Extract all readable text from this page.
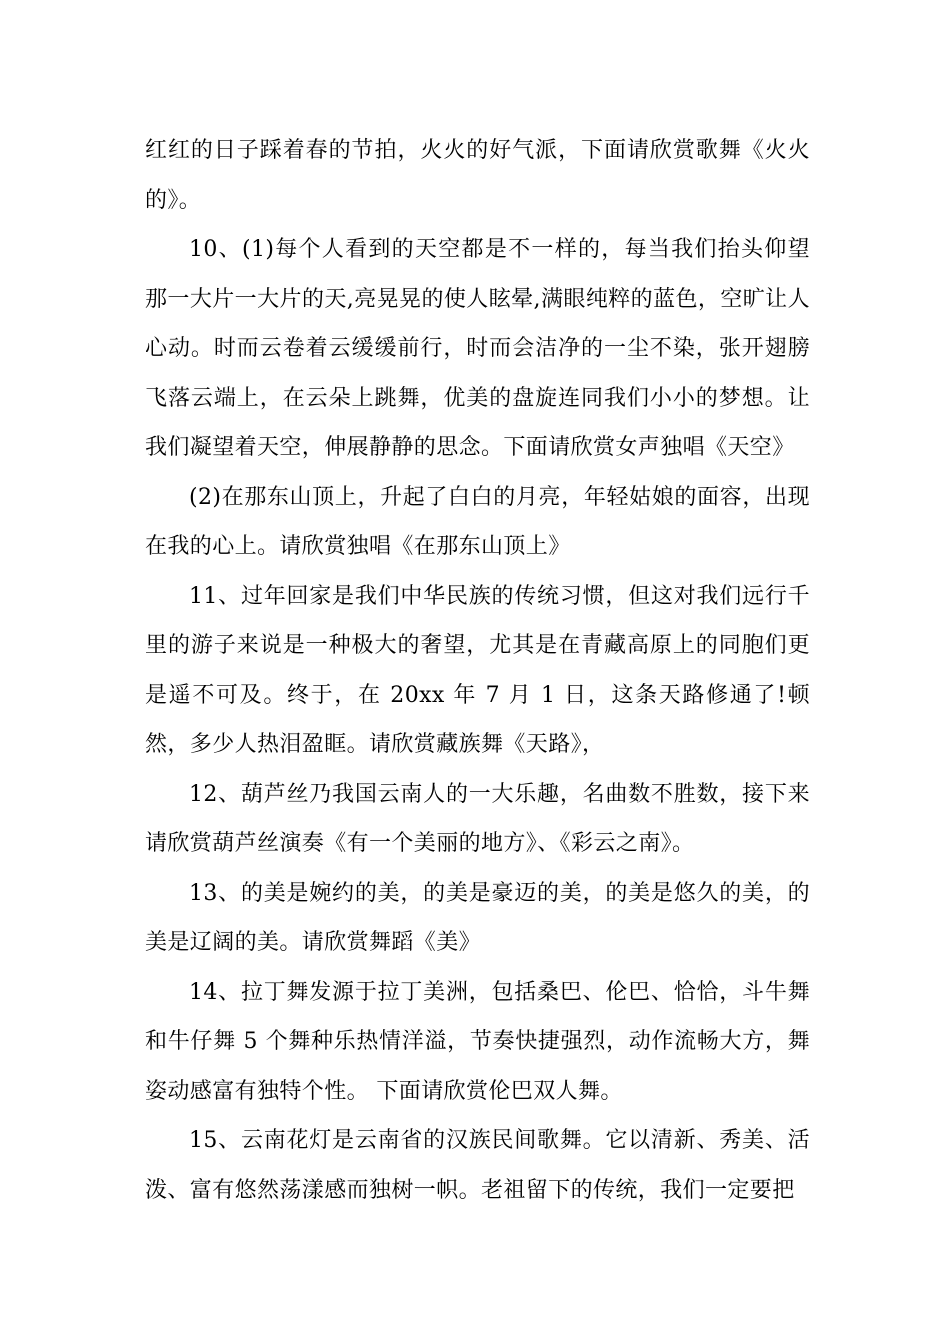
红红的日子踩着春的节拍，火火的好气派，下面请欣赏歌舞《火火的》。

10、(1)每个人看到的天空都是不一样的，每当我们抬头仰望那一大片一大片的天,亮晃晃的使人眩晕,满眼纯粹的蓝色，空旷让人心动。时而云卷着云缓缓前行，时而会洁净的一尘不染，张开翅膀飞落云端上，在云朵上跳舞，优美的盘旋连同我们小小的梦想。让我们凝望着天空，伸展静静的思念。下面请欣赏女声独唱《天空》

(2)在那东山顶上，升起了白白的月亮，年轻姑娘的面容，出现在我的心上。请欣赏独唱《在那东山顶上》

11、过年回家是我们中华民族的传统习惯，但这对我们远行千里的游子来说是一种极大的奢望，尤其是在青藏高原上的同胞们更是遥不可及。终于，在 20xx 年 7 月 1 日，这条天路修通了!顿然，多少人热泪盈眶。请欣赏藏族舞《天路》，

12、葫芦丝乃我国云南人的一大乐趣，名曲数不胜数，接下来请欣赏葫芦丝演奏《有一个美丽的地方》、《彩云之南》。

13、的美是婉约的美，的美是豪迈的美，的美是悠久的美，的美是辽阔的美。请欣赏舞蹈《美》

14、拉丁舞发源于拉丁美洲，包括桑巴、伦巴、恰恰，斗牛舞和牛仔舞 5 个舞种乐热情洋溢，节奏快捷强烈，动作流畅大方，舞姿动感富有独特个性。 下面请欣赏伦巴双人舞。

15、云南花灯是云南省的汉族民间歌舞。它以清新、秀美、活泼、富有悠然荡漾感而独树一帜。老祖留下的传统，我们一定要把
